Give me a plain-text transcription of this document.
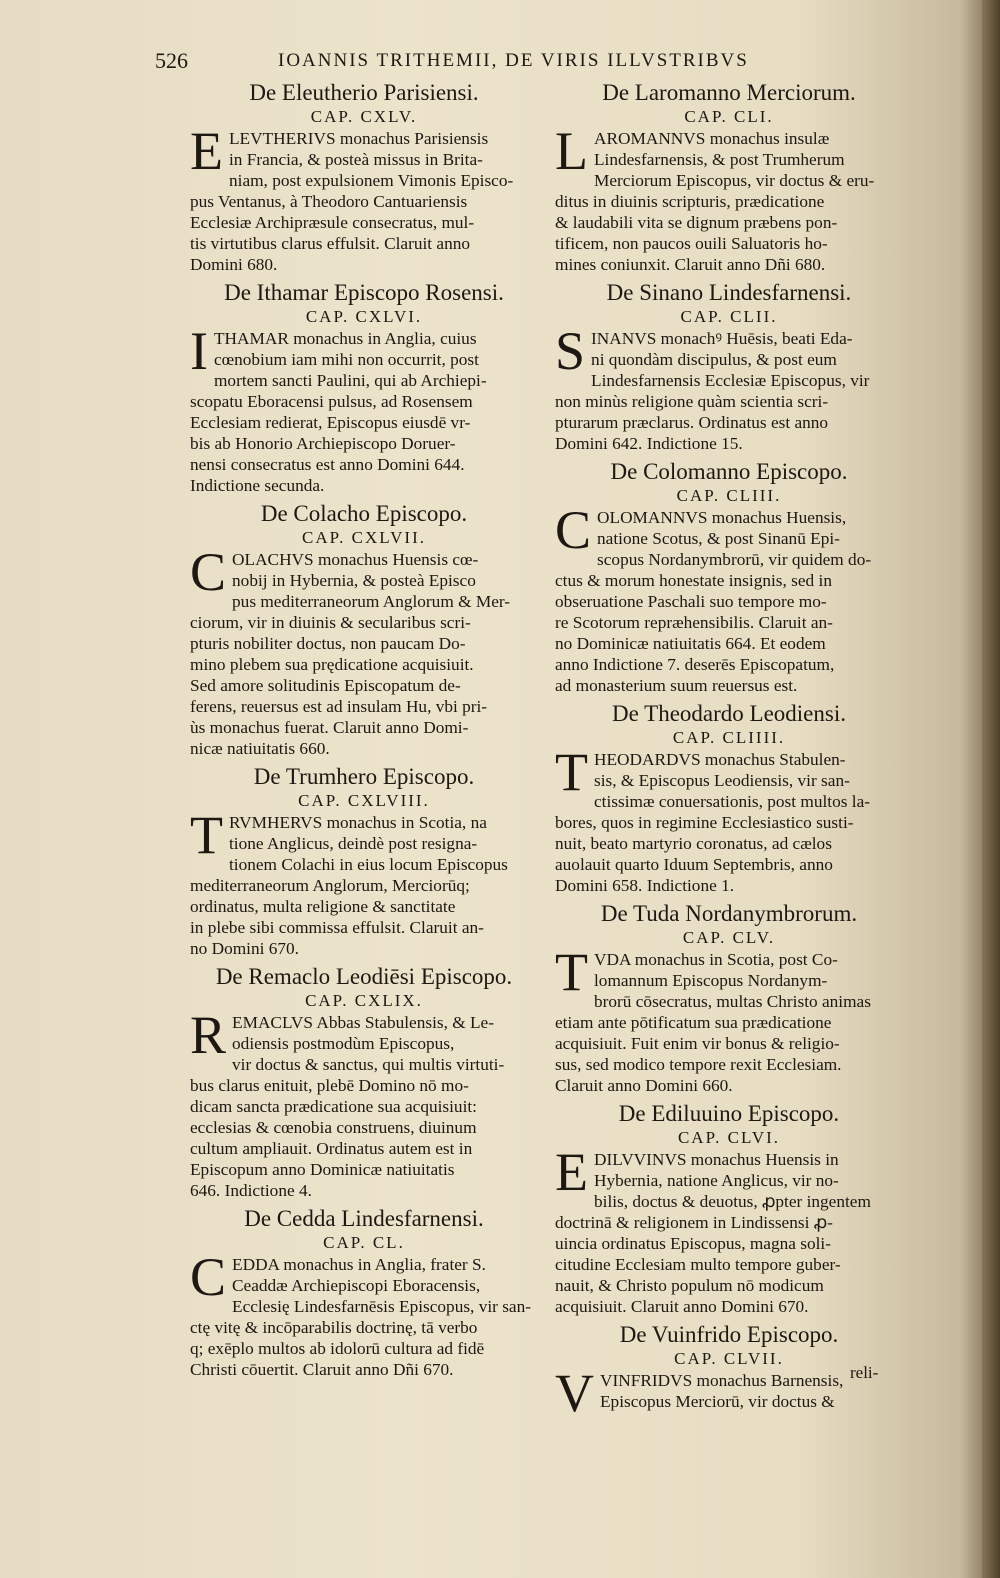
526	IOANNIS TRITHEMII, DE VIRIS ILLVSTRIBVS
De Eleutherio Parisiensi.
CAP. CXLV.
E LEVTHERIVS monachus Parisiensis
in Francia, & posteà missus in Brita-
niam, post expulsionem Vimonis Episco-
pus Ventanus, à Theodoro Cantuariensis
Ecclesiæ Archipræsule consecratus, mul-
tis virtutibus clarus effulsit. Claruit anno
Domini 680.
De Ithamar Episcopo Rosensi.
CAP. CXLVI.
I THAMAR monachus in Anglia, cuius
cœnobium iam mihi non occurrit, post
mortem sancti Paulini, qui ab Archiepi-
scopatu Eboracensi pulsus, ad Rosensem
Ecclesiam redierat, Episcopus eiusdē vr-
bis ab Honorio Archiepiscopo Doruer-
nensi consecratus est anno Domini 644.
Indictione secunda.
De Colacho Episcopo.
CAP. CXLVII.
C OLACHVS monachus Huensis cœ-
nobij in Hybernia, & posteà Episco
pus mediterraneorum Anglorum & Mer-
ciorum, vir in diuinis & secularibus scri-
pturis nobiliter doctus, non paucam Do-
mino plebem sua prędicatione acquisiuit.
Sed amore solitudinis Episcopatum de-
ferens, reuersus est ad insulam Hu, vbi pri-
ùs monachus fuerat. Claruit anno Domi-
nicæ natiuitatis 660.
De Trumhero Episcopo.
CAP. CXLVIII.
T RVMHERVS monachus in Scotia, na
tione Anglicus, deindè post resigna-
tionem Colachi in eius locum Episcopus
mediterraneorum Anglorum, Merciorūq;
ordinatus, multa religione & sanctitate
in plebe sibi commissa effulsit. Claruit an-
no Domini 670.
De Remaclo Leodiēsi Episcopo.
CAP. CXLIX.
R EMACLVS Abbas Stabulensis, & Le-
odiensis postmodùm Episcopus,
vir doctus & sanctus, qui multis virtuti-
bus clarus enituit, plebē Domino nō mo-
dicam sancta prædicatione sua acquisiuit:
ecclesias & cœnobia construens, diuinum
cultum ampliauit. Ordinatus autem est in
Episcopum anno Dominicæ natiuitatis
646. Indictione 4.
De Cedda Lindesfarnensi.
CAP. CL.
C EDDA monachus in Anglia, frater S.
Ceaddæ Archiepiscopi Eboracensis,
Ecclesię Lindesfarnēsis Episcopus, vir san-
ctę vitę & incōparabilis doctrinę, tā verbo
q; exēplo multos ab idolorū cultura ad fidē
Christi cōuertit. Claruit anno Dñi 670.
De Laromanno Merciorum.
CAP. CLI.
L AROMANNVS monachus insulæ
Lindesfarnensis, & post Trumherum
Merciorum Episcopus, vir doctus & eru-
ditus in diuinis scripturis, prædicatione
& laudabili vita se dignum præbens pon-
tificem, non paucos ouili Saluatoris ho-
mines coniunxit. Claruit anno Dñi 680.
De Sinano Lindesfarnensi.
CAP. CLII.
S INANVS monachꝰ Huēsis, beati Eda-
ni quondàm discipulus, & post eum
Lindesfarnensis Ecclesiæ Episcopus, vir
non minùs religione quàm scientia scri-
pturarum præclarus. Ordinatus est anno
Domini 642. Indictione 15.
De Colomanno Episcopo.
CAP. CLIII.
C OLOMANNVS monachus Huensis,
natione Scotus, & post Sinanū Epi-
scopus Nordanymbrorū, vir quidem do-
ctus & morum honestate insignis, sed in
obseruatione Paschali suo tempore mo-
re Scotorum repræhensibilis. Claruit an-
no Dominicæ natiuitatis 664. Et eodem
anno Indictione 7. deserēs Episcopatum,
ad monasterium suum reuersus est.
De Theodardo Leodiensi.
CAP. CLIIII.
T HEODARDVS monachus Stabulen-
sis, & Episcopus Leodiensis, vir san-
ctissimæ conuersationis, post multos la-
bores, quos in regimine Ecclesiastico susti-
nuit, beato martyrio coronatus, ad cælos
auolauit quarto Iduum Septembris, anno
Domini 658. Indictione 1.
De Tuda Nordanymbrorum.
CAP. CLV.
T VDA monachus in Scotia, post Co-
lomannum Episcopus Nordanym-
brorū cōsecratus, multas Christo animas
etiam ante pōtificatum sua prædicatione
acquisiuit. Fuit enim vir bonus & religio-
sus, sed modico tempore rexit Ecclesiam.
Claruit anno Domini 660.
De Ediluuino Episcopo.
CAP. CLVI.
E DILVVINVS monachus Huensis in
Hybernia, natione Anglicus, vir no-
bilis, doctus & deuotus, ꝓpter ingentem
doctrinā & religionem in Lindissensi ꝓ-
uincia ordinatus Episcopus, magna soli-
citudine Ecclesiam multo tempore guber-
nauit, & Christo populum nō modicum
acquisiuit. Claruit anno Domini 670.
De Vuinfrido Episcopo.
CAP. CLVII.
V VINFRIDVS monachus Barnensis,
Episcopus Merciorū, vir doctus &
reli-
